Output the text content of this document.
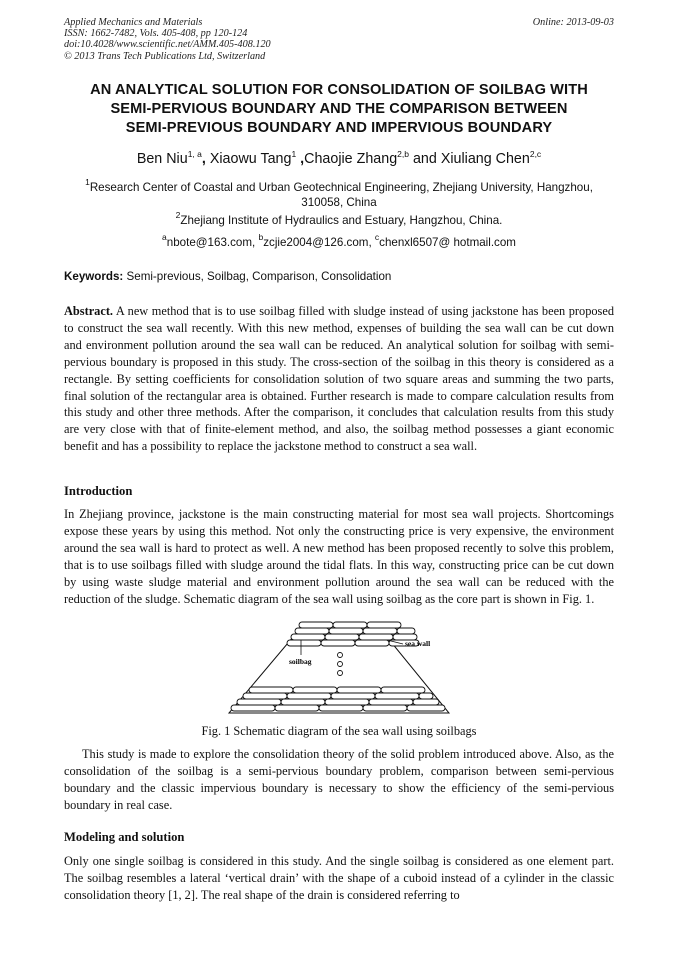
Applied Mechanics and Materials
ISSN: 1662-7482, Vols. 405-408, pp 120-124
doi:10.4028/www.scientific.net/AMM.405-408.120
© 2013 Trans Tech Publications Ltd, Switzerland
Online: 2013-09-03
AN ANALYTICAL SOLUTION FOR CONSOLIDATION OF SOILBAG WITH
SEMI-PERVIOUS BOUNDARY AND THE COMPARISON BETWEEN
SEMI-PREVIOUS BOUNDARY AND IMPERVIOUS BOUNDARY
Ben Niu$^{1, a}$, Xiaowu Tang$^1$ ,Chaojie Zhang$^{2,b}$ and Xiuliang Chen$^{2,c}$
$^1$Research Center of Coastal and Urban Geotechnical Engineering, Zhejiang University, Hangzhou,
310058, China
$^2$Zhejiang Institute of Hydraulics and Estuary, Hangzhou, China.
$^a$nbote@163.com, $^b$zcjie2004@126.com, $^c$chenxl6507@ hotmail.com
Keywords: Semi-previous, Soilbag, Comparison, Consolidation
Abstract. A new method that is to use soilbag filled with sludge instead of using jackstone has been proposed to construct the sea wall recently. With this new method, expenses of building the sea wall can be cut down and environment pollution around the sea wall can be reduced. An analytical solution for soilbag with semi-pervious boundary is proposed in this study. The cross-section of the soilbag in this theory is considered as a rectangle. By setting coefficients for consolidation solution of two square areas and summing the two parts, final solution of the rectangular area is obtained. Further research is made to compare calculation results from this study and other three methods. After the comparison, it concludes that calculation results from this study are very close with that of finite-element method, and also, the soilbag method possesses a giant economic benefit and has a possibility to replace the jackstone method to construct a sea wall.
Introduction
In Zhejiang province, jackstone is the main constructing material for most sea wall projects. Shortcomings expose these years by using this method. Not only the constructing price is very expensive, the environment around the sea wall is hard to protect as well. A new method has been proposed recently to solve this problem, that is to use soilbags filled with sludge around the tidal flats. In this way, constructing price can be cut down by using waste sludge material and environment pollution around the sea wall can be reduced with the reduction of the sludge. Schematic diagram of the sea wall using soilbag as the core part is shown in Fig. 1.
sea wall
soilbag
Fig. 1 Schematic diagram of the sea wall using soilbags
This study is made to explore the consolidation theory of the solid problem introduced above. Also, as the consolidation of the soilbag is a semi-pervious boundary problem, comparison between semi-pervious boundary and the classic impervious boundary is necessary to show the efficiency of the semi-pervious boundary in real case.
Modeling and solution
Only one single soilbag is considered in this study. And the single soilbag is considered as one element part. The soilbag resembles a lateral ‘vertical drain’ with the shape of a cuboid instead of a cylinder in the classic consolidation theory [1, 2]. The real shape of the drain is considered referring to
